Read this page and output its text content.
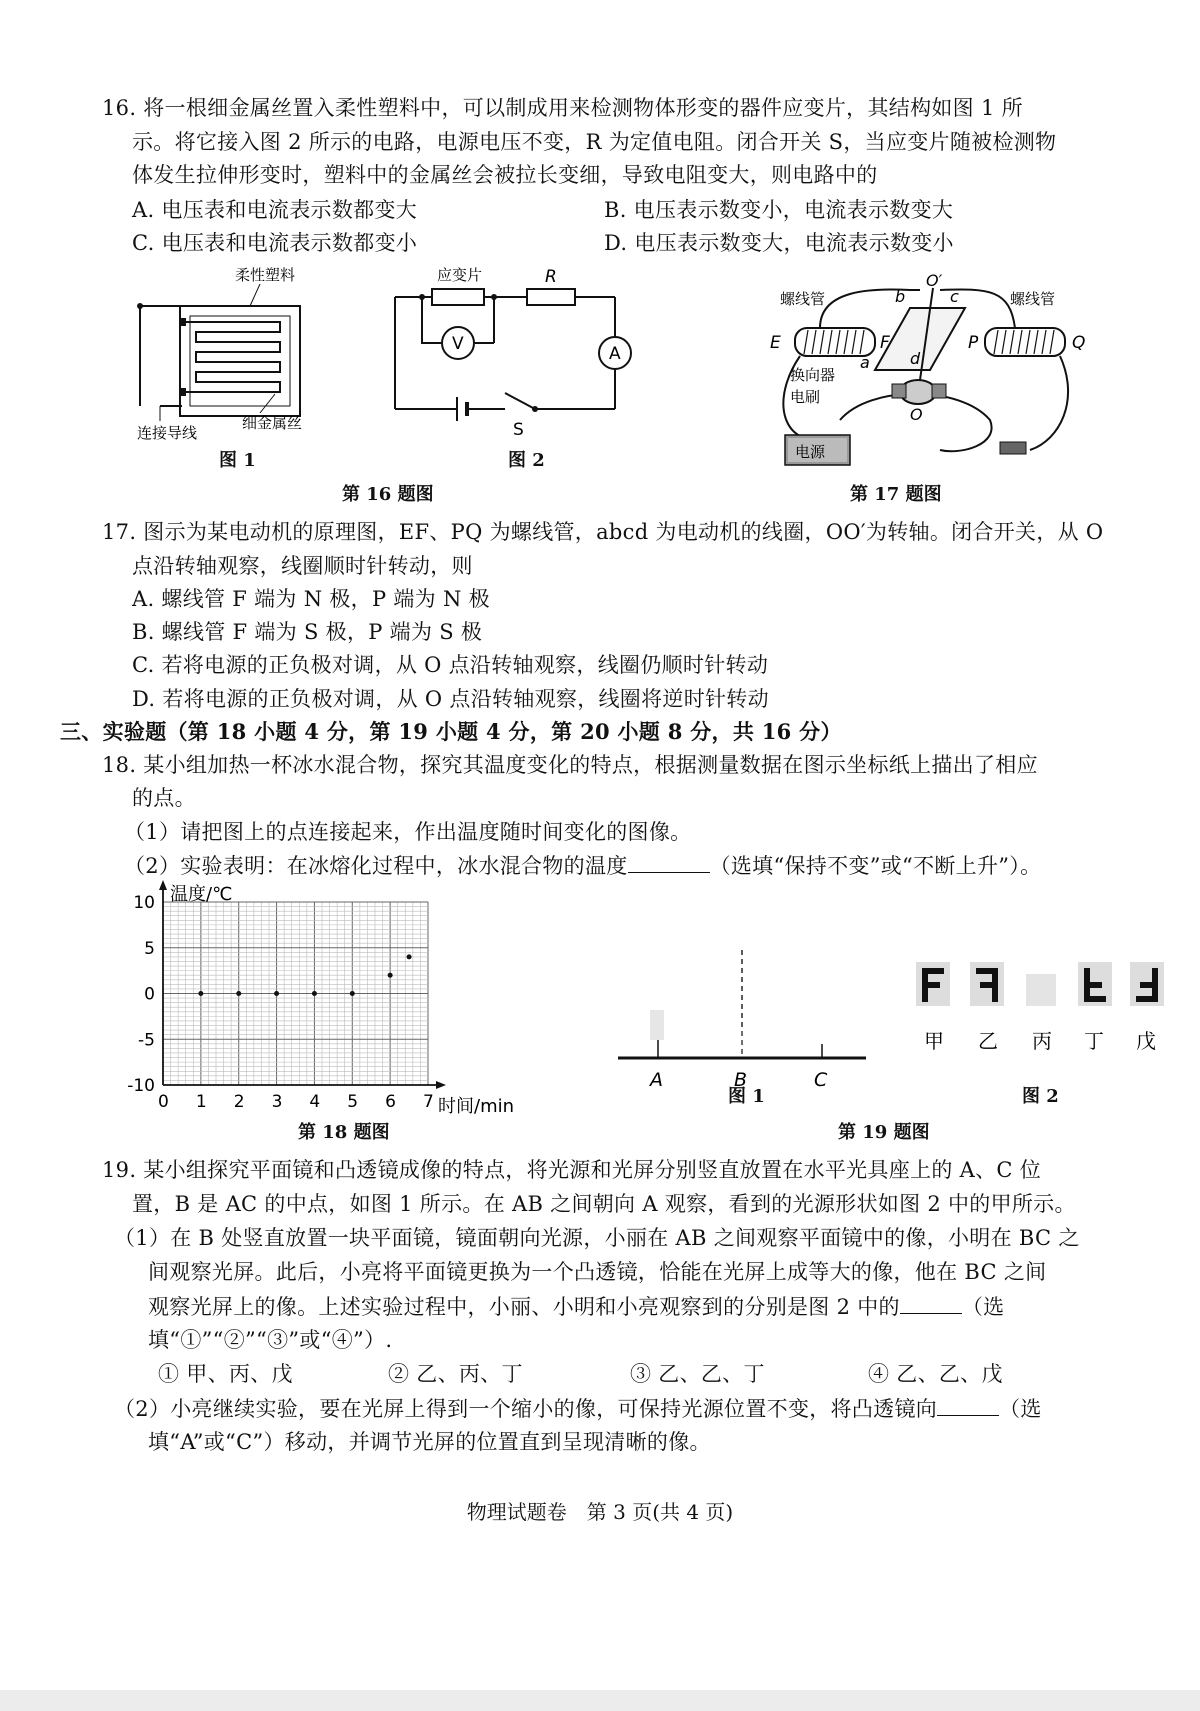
16. 将一根细金属丝置入柔性塑料中，可以制成用来检测物体形变的器件应变片，其结构如图 1 所
示。将它接入图 2 所示的电路，电源电压不变，R 为定值电阻。闭合开关 S，当应变片随被检测物
体发生拉伸形变时，塑料中的金属丝会被拉长变细，导致电阻变大，则电路中的
A. 电压表和电流表示数都变大	B. 电压表示数变小，电流表示数变大
C. 电压表和电流表示数都变小	D. 电压表示数变大，电流表示数变小
柔性塑料
连接导线
细金属丝
图 1
应变片	R
V	A
S
图 2
第 16 题图
螺线管	螺线管
E	F	P	Q
b	c
O′
a	d
O
换向器
电刷
电源
第 17 题图
17. 图示为某电动机的原理图，EF、PQ 为螺线管，abcd 为电动机的线圈，OO′为转轴。闭合开关，从 O
点沿转轴观察，线圈顺时针转动，则
A. 螺线管 F 端为 N 极，P 端为 N 极
B. 螺线管 F 端为 S 极，P 端为 S 极
C. 若将电源的正负极对调，从 O 点沿转轴观察，线圈仍顺时针转动
D. 若将电源的正负极对调，从 O 点沿转轴观察，线圈将逆时针转动
三、实验题（第 18 小题 4 分，第 19 小题 4 分，第 20 小题 8 分，共 16 分）
18. 某小组加热一杯冰水混合物，探究其温度变化的特点，根据测量数据在图示坐标纸上描出了相应
的点。
（1）请把图上的点连接起来，作出温度随时间变化的图像。
（2）实验表明：在冰熔化过程中，冰水混合物的温度	（选填“保持不变”或“不断上升”）。
0 1 2 3 4 5 6 7
10
5
0
-5
-10
温度/℃
时间/min
第 18 题图
A	B	C
图 1
甲 乙 丙 丁 戊
图 2
第 19 题图
19. 某小组探究平面镜和凸透镜成像的特点，将光源和光屏分别竖直放置在水平光具座上的 A、C 位
置，B 是 AC 的中点，如图 1 所示。在 AB 之间朝向 A 观察，看到的光源形状如图 2 中的甲所示。
（1）在 B 处竖直放置一块平面镜，镜面朝向光源，小丽在 AB 之间观察平面镜中的像，小明在 BC 之
间观察光屏。此后，小亮将平面镜更换为一个凸透镜，恰能在光屏上成等大的像，他在 BC 之间
观察光屏上的像。上述实验过程中，小丽、小明和小亮观察到的分别是图 2 中的	（选
填“①”“②”“③”或“④”）.
① 甲、丙、戊	② 乙、丙、丁	③ 乙、乙、丁	④ 乙、乙、戊
（2）小亮继续实验，要在光屏上得到一个缩小的像，可保持光源位置不变，将凸透镜向	（选
填“A”或“C”）移动，并调节光屏的位置直到呈现清晰的像。
物理试题卷　第 3 页(共 4 页)
